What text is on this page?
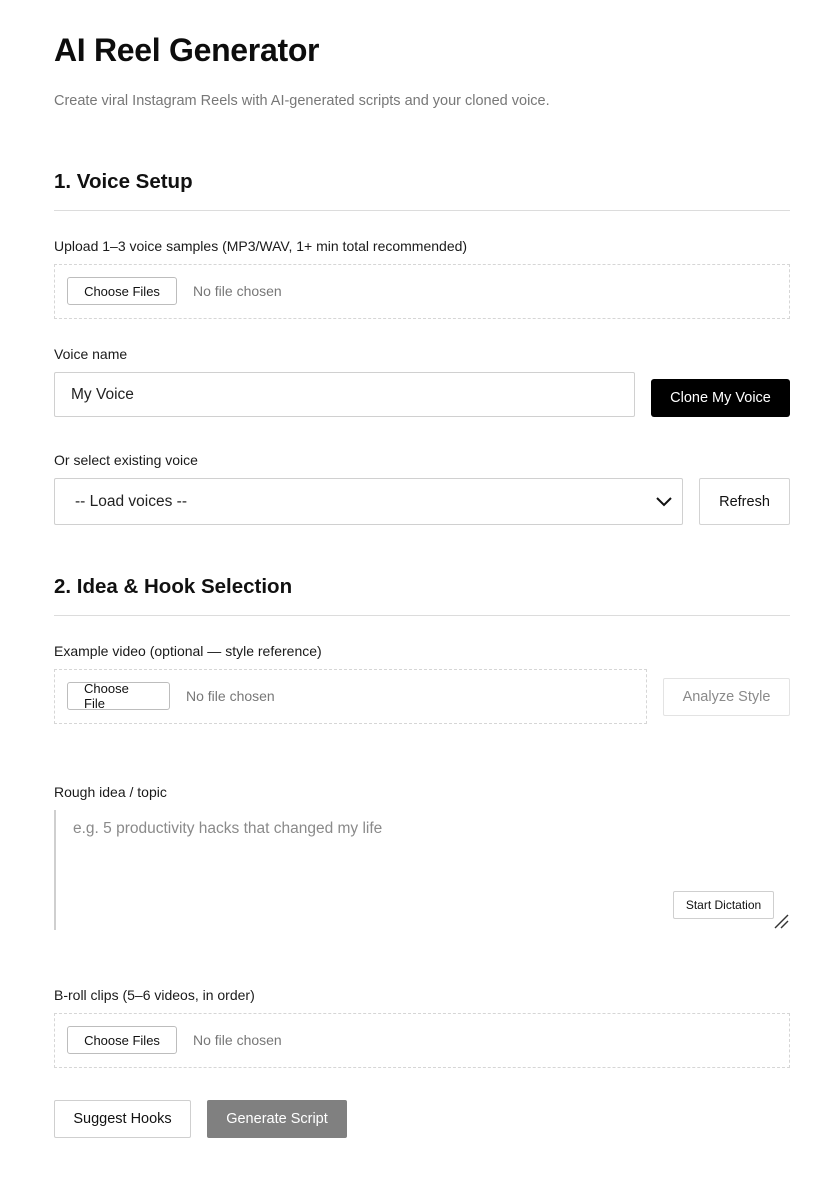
AI Reel Generator
Create viral Instagram Reels with AI-generated scripts and your cloned voice.
1. Voice Setup
Upload 1–3 voice samples (MP3/WAV, 1+ min total recommended)
Choose Files	No file chosen
Voice name
My Voice	Clone My Voice
Or select existing voice
-- Load voices --	Refresh
2. Idea & Hook Selection
Example video (optional — style reference)
Choose File	No file chosen	Analyze Style
Rough idea / topic
e.g. 5 productivity hacks that changed my life
Start Dictation
B-roll clips (5–6 videos, in order)
Choose Files	No file chosen
Suggest Hooks	Generate Script
